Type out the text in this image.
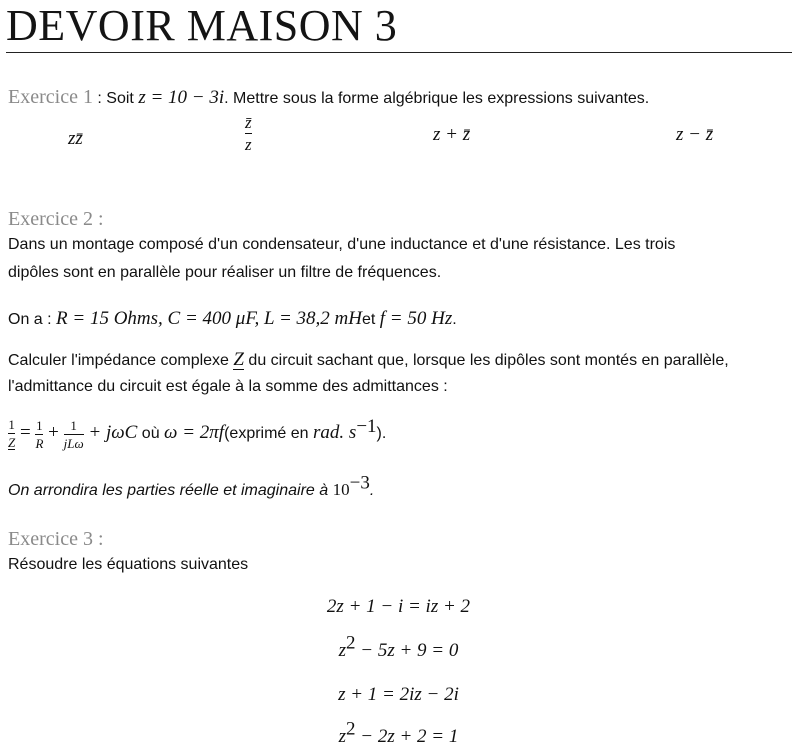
DEVOIR MAISON 3
Exercice 1 : Soit z = 10 − 3i. Mettre sous la forme algébrique les expressions suivantes.
zz̄	$\frac{z̄}{z}$	z + z̄	z − z̄
Exercice 2 :
Dans un montage composé d'un condensateur, d'une inductance et d'une résistance. Les trois
dipôles sont en parallèle pour réaliser un filtre de fréquences.
On a : R = 15 Ohms, C = 400 μF, L = 38,2 mHet f = 50 Hz.
Calculer l'impédance complexe Z du circuit sachant que, lorsque les dipôles sont montés en parallèle,
l'admittance du circuit est égale à la somme des admittances :
$\frac{1}{Z} = \frac{1}{R} + \frac{1}{\text{jLω}} + j\omega C$ où ω = 2πf(exprimé en rad. $s^{-1}$).
On arrondira les parties réelle et imaginaire à $10^{-3}$.
Exercice 3 :
Résoudre les équations suivantes
2z + 1 − i = iz + 2
$z^2 - 5z + 9 = 0$
z + 1 = 2iz − 2i
$z^2 - 2z + 2 = 1$
